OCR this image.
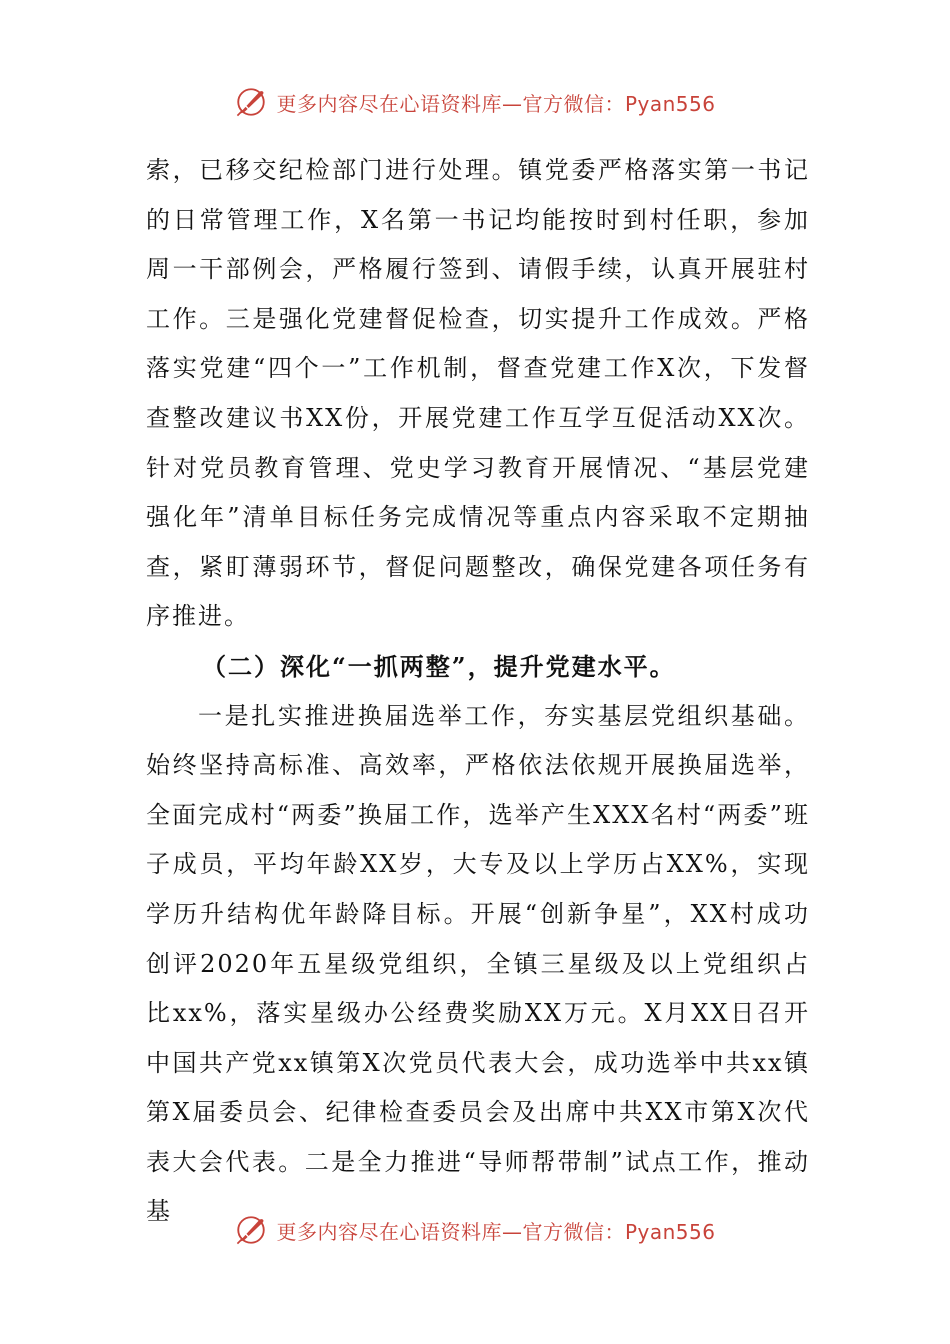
更多内容尽在心语资料库—官方微信：Pyan556

索，已移交纪检部门进行处理。镇党委严格落实第一书记的日常管理工作，X名第一书记均能按时到村任职，参加周一干部例会，严格履行签到、请假手续，认真开展驻村工作。三是强化党建督促检查，切实提升工作成效。严格落实党建“四个一”工作机制，督查党建工作X次，下发督查整改建议书XX份，开展党建工作互学互促活动XX次。针对党员教育管理、党史学习教育开展情况、“基层党建强化年”清单目标任务完成情况等重点内容采取不定期抽查，紧盯薄弱环节，督促问题整改，确保党建各项任务有序推进。

（二）深化“一抓两整”，提升党建水平。

一是扎实推进换届选举工作，夯实基层党组织基础。始终坚持高标准、高效率，严格依法依规开展换届选举，全面完成村“两委”换届工作，选举产生XXX名村“两委”班子成员，平均年龄XX岁，大专及以上学历占XX%，实现学历升结构优年龄降目标。开展“创新争星”，XX村成功创评2020年五星级党组织，全镇三星级及以上党组织占比xx%，落实星级办公经费奖励XX万元。X月XX日召开中国共产党xx镇第X次党员代表大会，成功选举中共xx镇第X届委员会、纪律检查委员会及出席中共XX市第X次代表大会代表。二是全力推进“导师帮带制”试点工作，推动基

更多内容尽在心语资料库—官方微信：Pyan556
